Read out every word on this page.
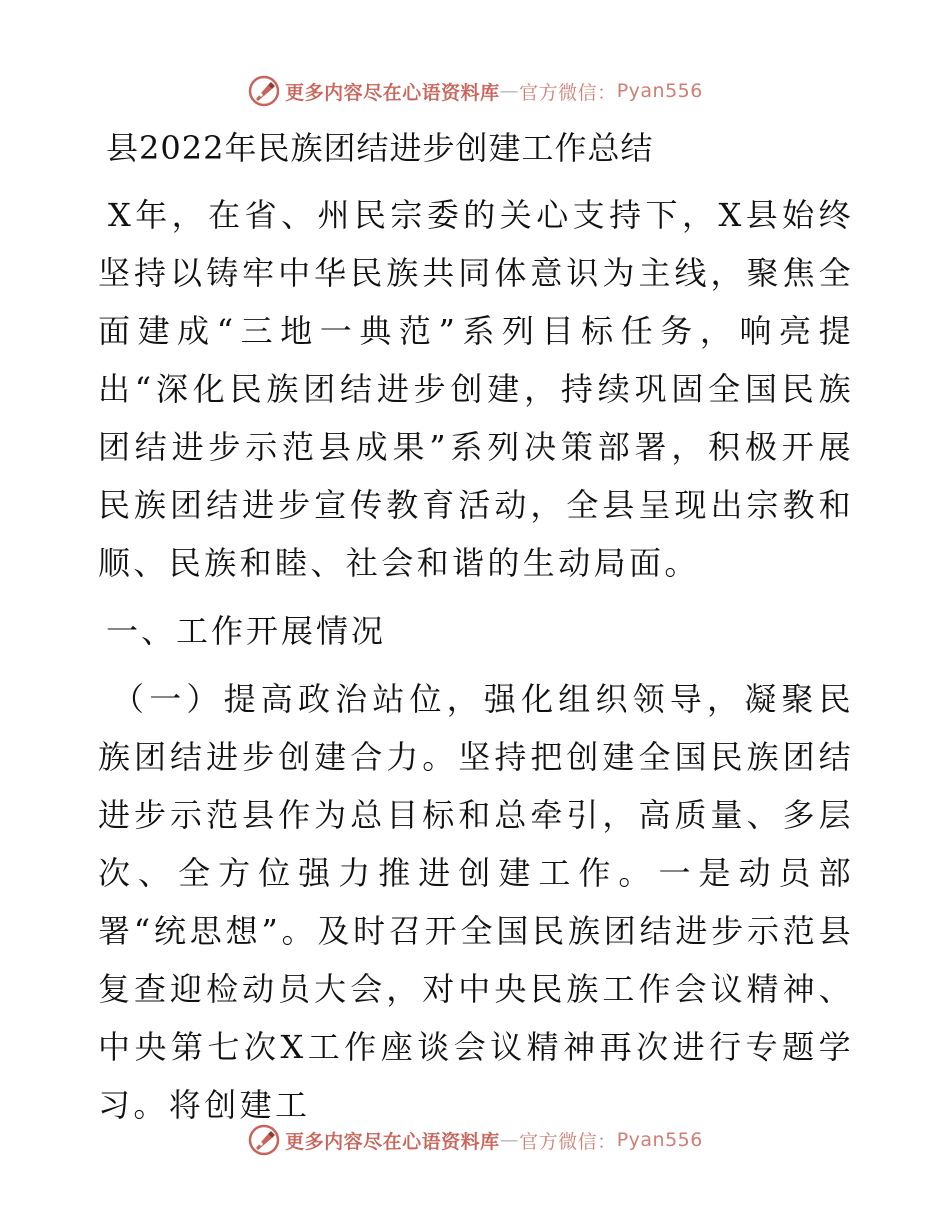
更多内容尽在心语资料库 — 官方微信： Pyan556
县2022年民族团结进步创建工作总结

X年，在省、州民宗委的关心支持下，X县始终坚持以铸牢中华民族共同体意识为主线，聚焦全面建成“三地一典范”系列目标任务，响亮提出“深化民族团结进步创建，持续巩固全国民族团结进步示范县成果”系列决策部署，积极开展民族团结进步宣传教育活动，全县呈现出宗教和顺、民族和睦、社会和谐的生动局面。

一、工作开展情况

（一）提高政治站位，强化组织领导，凝聚民族团结进步创建合力。坚持把创建全国民族团结进步示范县作为总目标和总牵引，高质量、多层次、全方位强力推进创建工作。一是动员部署“统思想”。及时召开全国民族团结进步示范县复查迎检动员大会，对中央民族工作会议精神、中央第七次X工作座谈会议精神再次进行专题学习。将创建工

更多内容尽在心语资料库 — 官方微信： Pyan556
